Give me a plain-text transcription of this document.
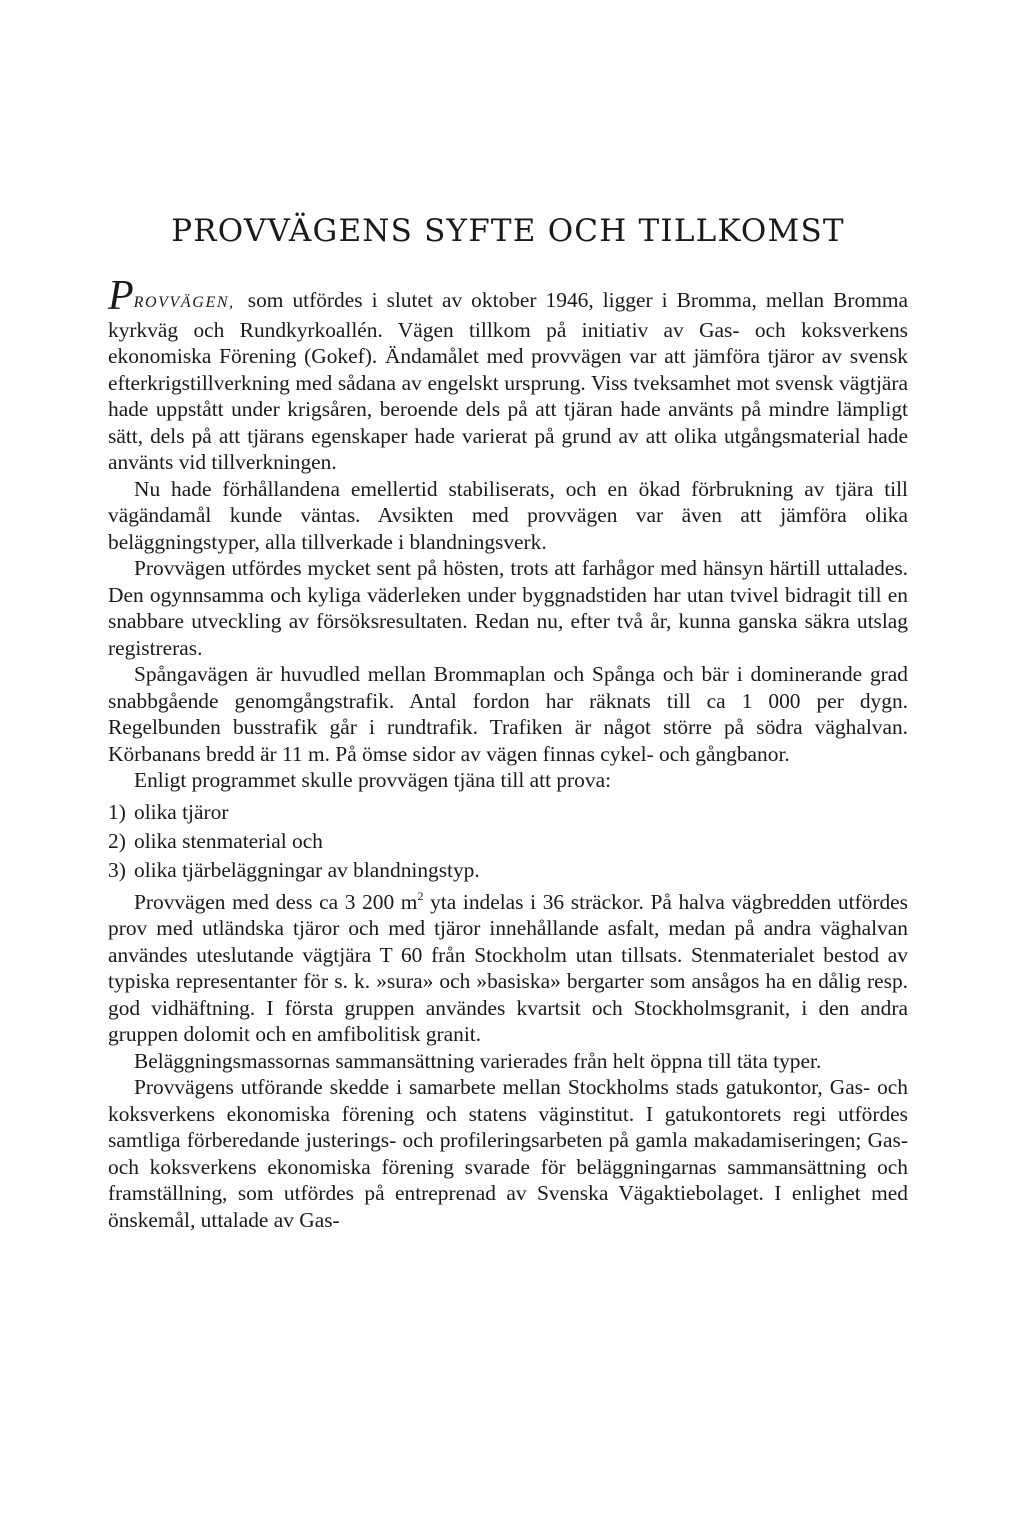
PROVVÄGENS SYFTE OCH TILLKOMST

PROVVÄGEN, som utfördes i slutet av oktober 1946, ligger i Bromma, mellan Bromma kyrkväg och Rundkyrkoallén. Vägen tillkom på initiativ av Gas- och koksverkens ekonomiska Förening (Gokef). Ändamålet med provvägen var att jämföra tjäror av svensk efterkrigstillverkning med sådana av engelskt ursprung. Viss tveksamhet mot svensk vägtjära hade uppstått under krigsåren, beroende dels på att tjäran hade använts på mindre lämpligt sätt, dels på att tjärans egenskaper hade varierat på grund av att olika utgångsmaterial hade använts vid tillverkningen.

Nu hade förhållandena emellertid stabiliserats, och en ökad förbrukning av tjära till vägändamål kunde väntas. Avsikten med provvägen var även att jämföra olika beläggningstyper, alla tillverkade i blandningsverk.

Provvägen utfördes mycket sent på hösten, trots att farhågor med hänsyn härtill uttalades. Den ogynnsamma och kyliga väderleken under byggnadstiden har utan tvivel bidragit till en snabbare utveckling av försöksresultaten. Redan nu, efter två år, kunna ganska säkra utslag registreras.

Spångavägen är huvudled mellan Brommaplan och Spånga och bär i dominerande grad snabbgående genomgångstrafik. Antal fordon har räknats till ca 1 000 per dygn. Regelbunden busstrafik går i rundtrafik. Trafiken är något större på södra väghalvan. Körbanans bredd är 11 m. På ömse sidor av vägen finnas cykel- och gångbanor.

Enligt programmet skulle provvägen tjäna till att prova:

1) olika tjäror
2) olika stenmaterial och
3) olika tjärbeläggningar av blandningstyp.

Provvägen med dess ca 3 200 $m^2$ yta indelas i 36 sträckor. På halva vägbredden utfördes prov med utländska tjäror och med tjäror innehållande asfalt, medan på andra väghalvan användes uteslutande vägtjära T 60 från Stockholm utan tillsats. Stenmaterialet bestod av typiska representanter för s. k. »sura» och »basiska» bergarter som ansågos ha en dålig resp. god vidhäftning. I första gruppen användes kvartsit och Stockholmsgranit, i den andra gruppen dolomit och en amfibolitisk granit.

Beläggningsmassornas sammansättning varierades från helt öppna till täta typer.

Provvägens utförande skedde i samarbete mellan Stockholms stads gatukontor, Gas- och koksverkens ekonomiska förening och statens väginstitut. I gatukontorets regi utfördes samtliga förberedande justerings- och profileringsarbeten på gamla makadamiseringen; Gas- och koksverkens ekonomiska förening svarade för beläggningarnas sammansättning och framställning, som utfördes på entreprenad av Svenska Vägaktiebolaget. I enlighet med önskemål, uttalade av Gas-
